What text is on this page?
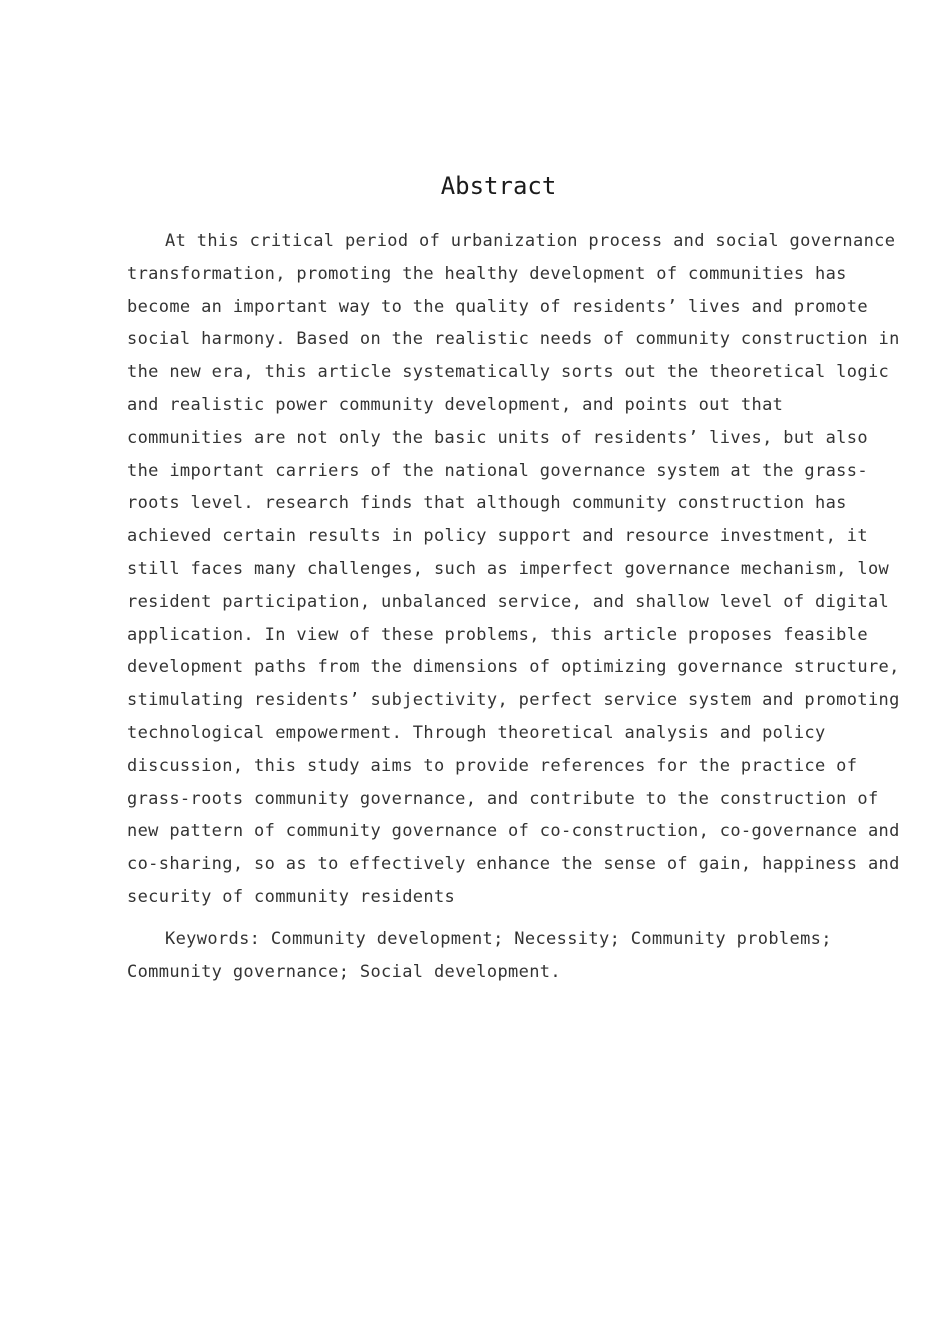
Abstract

At this critical period of urbanization process and social governance

transformation, promoting the healthy development of communities has

become an important way to the quality of residents’ lives and promote

social harmony. Based on the realistic needs of community construction in

the new era, this article systematically sorts out the theoretical logic

and realistic power community development, and points out that

communities are not only the basic units of residents’ lives, but also

the important carriers of the national governance system at the grass-

roots level. research finds that although community construction has

achieved certain results in policy support and resource investment, it

still faces many challenges, such as imperfect governance mechanism, low

resident participation, unbalanced service, and shallow level of digital

application. In view of these problems, this article proposes feasible

development paths from the dimensions of optimizing governance structure,

stimulating residents’ subjectivity, perfect service system and promoting

technological empowerment. Through theoretical analysis and policy

discussion, this study aims to provide references for the practice of

grass-roots community governance, and contribute to the construction of

new pattern of community governance of co-construction, co-governance and

co-sharing, so as to effectively enhance the sense of gain, happiness and

security of community residents

Keywords: Community development; Necessity; Community problems;

Community governance; Social development.
